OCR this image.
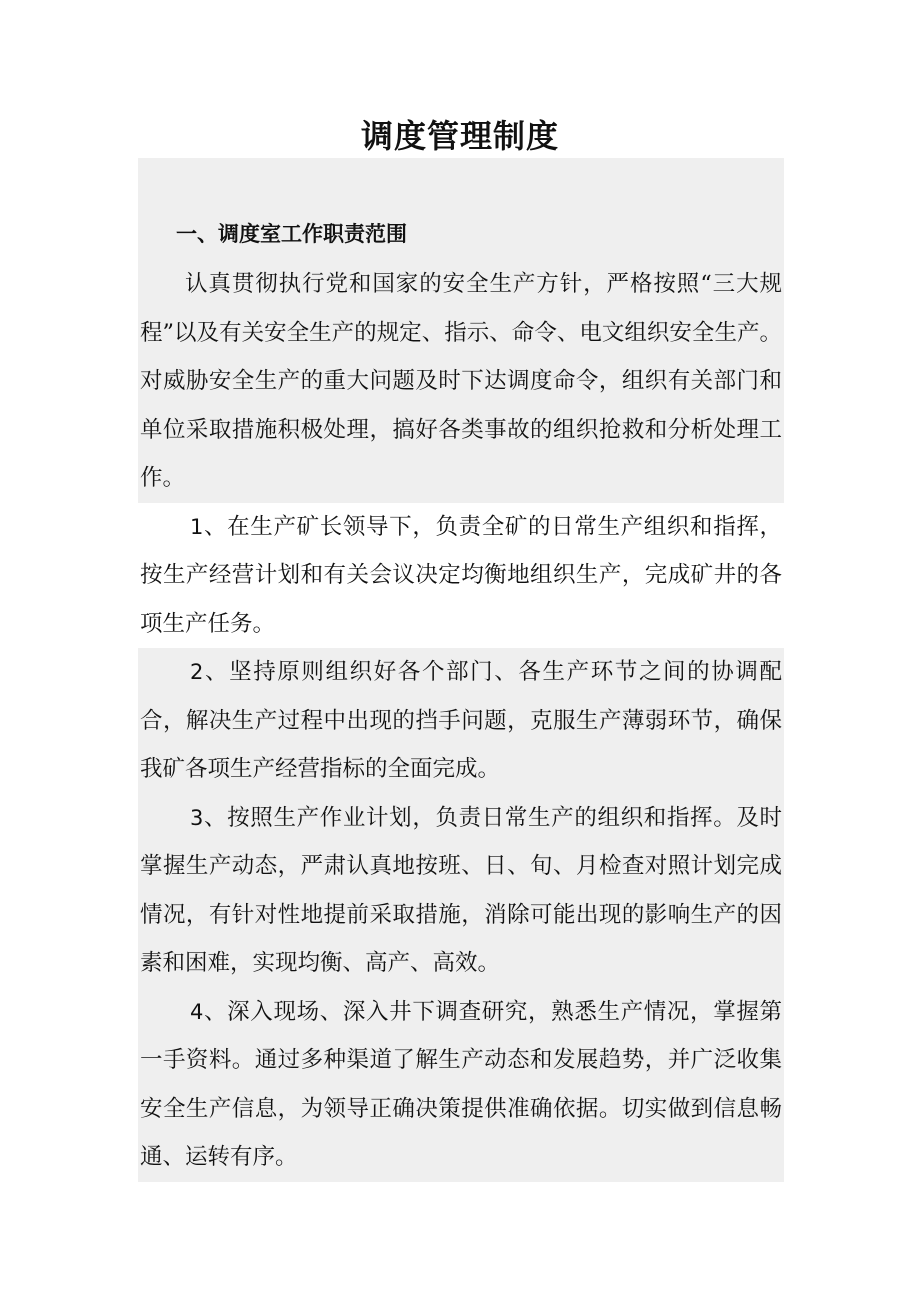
调度管理制度

一、调度室工作职责范围

认真贯彻执行党和国家的安全生产方针，严格按照“三大规程”以及有关安全生产的规定、指示、命令、电文组织安全生产。对威胁安全生产的重大问题及时下达调度命令，组织有关部门和单位采取措施积极处理，搞好各类事故的组织抢救和分析处理工作。

1、在生产矿长领导下，负责全矿的日常生产组织和指挥，按生产经营计划和有关会议决定均衡地组织生产，完成矿井的各项生产任务。

2、坚持原则组织好各个部门、各生产环节之间的协调配合，解决生产过程中出现的挡手问题，克服生产薄弱环节，确保我矿各项生产经营指标的全面完成。

3、按照生产作业计划，负责日常生产的组织和指挥。及时掌握生产动态，严肃认真地按班、日、旬、月检查对照计划完成情况，有针对性地提前采取措施，消除可能出现的影响生产的因素和困难，实现均衡、高产、高效。

4、深入现场、深入井下调查研究，熟悉生产情况，掌握第一手资料。通过多种渠道了解生产动态和发展趋势，并广泛收集安全生产信息，为领导正确决策提供准确依据。切实做到信息畅通、运转有序。
